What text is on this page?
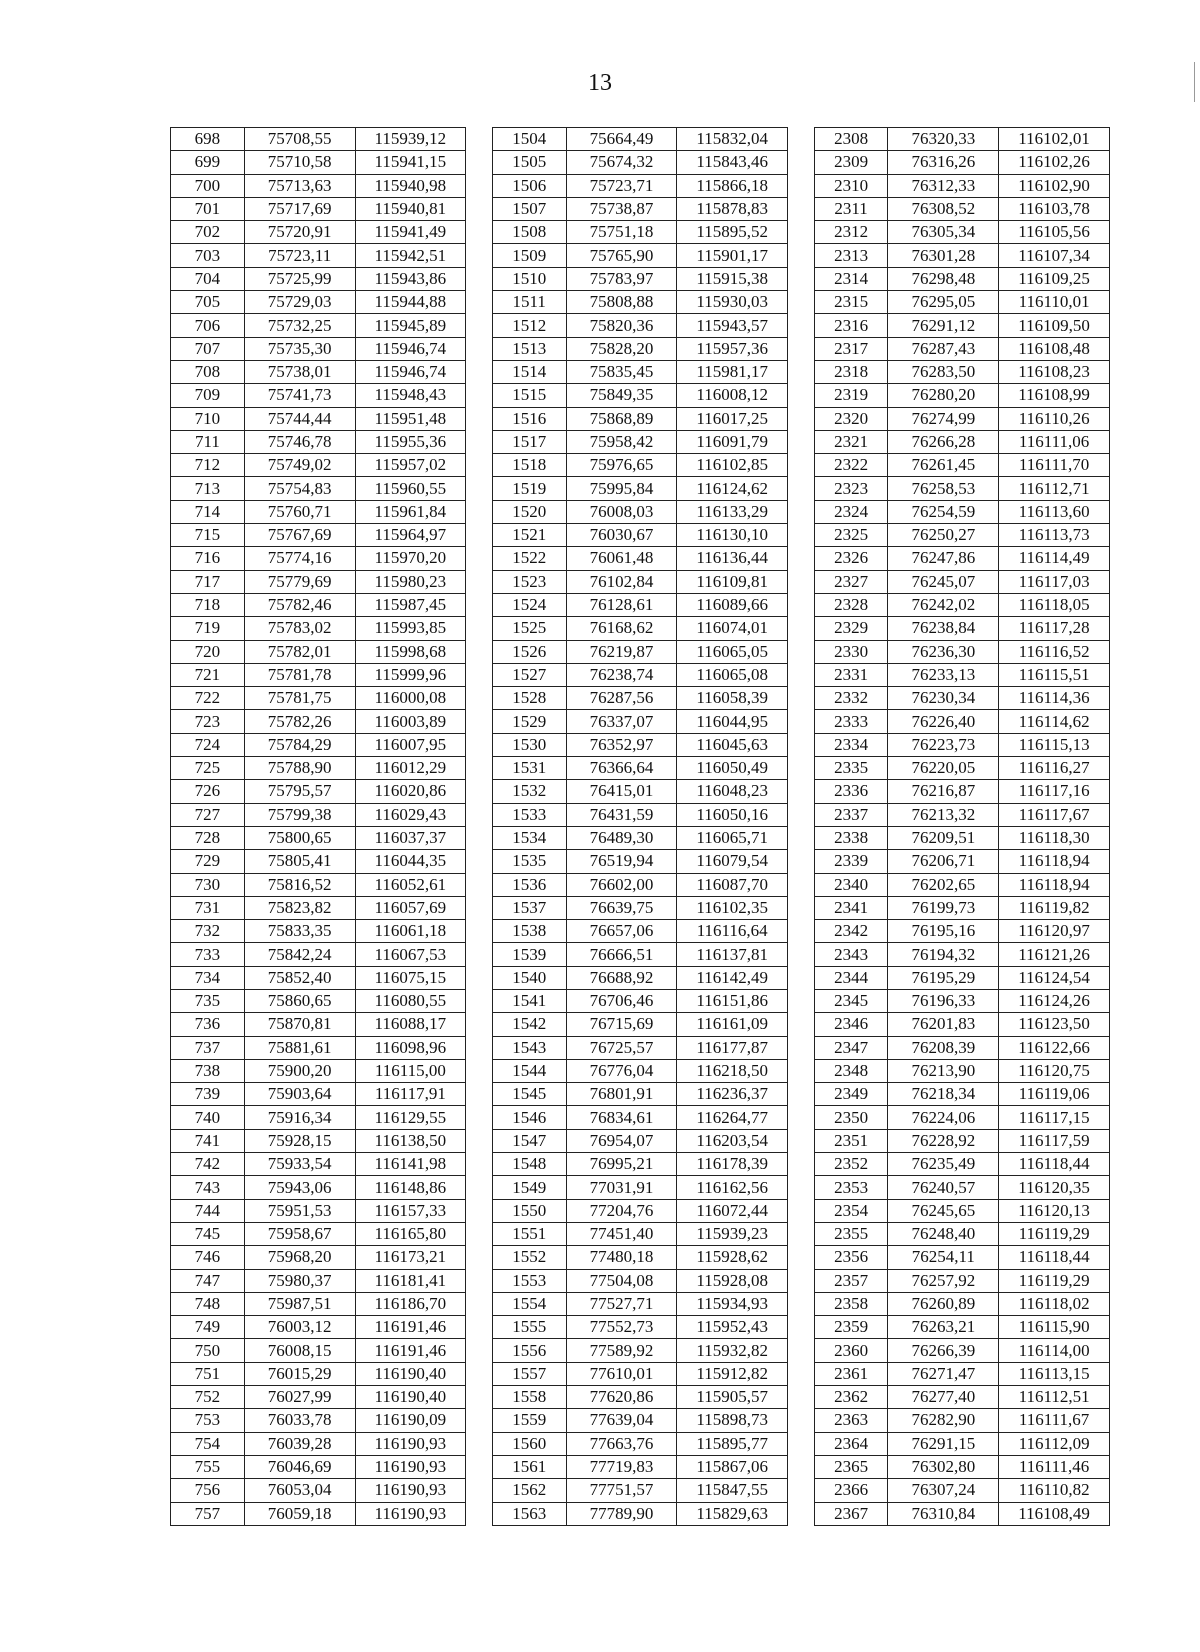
13
698	75708,55	115939,12		1504	75664,49	115832,04		2308	76320,33	116102,01
699	75710,58	115941,15		1505	75674,32	115843,46		2309	76316,26	116102,26
700	75713,63	115940,98		1506	75723,71	115866,18		2310	76312,33	116102,90
701	75717,69	115940,81		1507	75738,87	115878,83		2311	76308,52	116103,78
702	75720,91	115941,49		1508	75751,18	115895,52		2312	76305,34	116105,56
703	75723,11	115942,51		1509	75765,90	115901,17		2313	76301,28	116107,34
704	75725,99	115943,86		1510	75783,97	115915,38		2314	76298,48	116109,25
705	75729,03	115944,88		1511	75808,88	115930,03		2315	76295,05	116110,01
706	75732,25	115945,89		1512	75820,36	115943,57		2316	76291,12	116109,50
707	75735,30	115946,74		1513	75828,20	115957,36		2317	76287,43	116108,48
708	75738,01	115946,74		1514	75835,45	115981,17		2318	76283,50	116108,23
709	75741,73	115948,43		1515	75849,35	116008,12		2319	76280,20	116108,99
710	75744,44	115951,48		1516	75868,89	116017,25		2320	76274,99	116110,26
711	75746,78	115955,36		1517	75958,42	116091,79		2321	76266,28	116111,06
712	75749,02	115957,02		1518	75976,65	116102,85		2322	76261,45	116111,70
713	75754,83	115960,55		1519	75995,84	116124,62		2323	76258,53	116112,71
714	75760,71	115961,84		1520	76008,03	116133,29		2324	76254,59	116113,60
715	75767,69	115964,97		1521	76030,67	116130,10		2325	76250,27	116113,73
716	75774,16	115970,20		1522	76061,48	116136,44		2326	76247,86	116114,49
717	75779,69	115980,23		1523	76102,84	116109,81		2327	76245,07	116117,03
718	75782,46	115987,45		1524	76128,61	116089,66		2328	76242,02	116118,05
719	75783,02	115993,85		1525	76168,62	116074,01		2329	76238,84	116117,28
720	75782,01	115998,68		1526	76219,87	116065,05		2330	76236,30	116116,52
721	75781,78	115999,96		1527	76238,74	116065,08		2331	76233,13	116115,51
722	75781,75	116000,08		1528	76287,56	116058,39		2332	76230,34	116114,36
723	75782,26	116003,89		1529	76337,07	116044,95		2333	76226,40	116114,62
724	75784,29	116007,95		1530	76352,97	116045,63		2334	76223,73	116115,13
725	75788,90	116012,29		1531	76366,64	116050,49		2335	76220,05	116116,27
726	75795,57	116020,86		1532	76415,01	116048,23		2336	76216,87	116117,16
727	75799,38	116029,43		1533	76431,59	116050,16		2337	76213,32	116117,67
728	75800,65	116037,37		1534	76489,30	116065,71		2338	76209,51	116118,30
729	75805,41	116044,35		1535	76519,94	116079,54		2339	76206,71	116118,94
730	75816,52	116052,61		1536	76602,00	116087,70		2340	76202,65	116118,94
731	75823,82	116057,69		1537	76639,75	116102,35		2341	76199,73	116119,82
732	75833,35	116061,18		1538	76657,06	116116,64		2342	76195,16	116120,97
733	75842,24	116067,53		1539	76666,51	116137,81		2343	76194,32	116121,26
734	75852,40	116075,15		1540	76688,92	116142,49		2344	76195,29	116124,54
735	75860,65	116080,55		1541	76706,46	116151,86		2345	76196,33	116124,26
736	75870,81	116088,17		1542	76715,69	116161,09		2346	76201,83	116123,50
737	75881,61	116098,96		1543	76725,57	116177,87		2347	76208,39	116122,66
738	75900,20	116115,00		1544	76776,04	116218,50		2348	76213,90	116120,75
739	75903,64	116117,91		1545	76801,91	116236,37		2349	76218,34	116119,06
740	75916,34	116129,55		1546	76834,61	116264,77		2350	76224,06	116117,15
741	75928,15	116138,50		1547	76954,07	116203,54		2351	76228,92	116117,59
742	75933,54	116141,98		1548	76995,21	116178,39		2352	76235,49	116118,44
743	75943,06	116148,86		1549	77031,91	116162,56		2353	76240,57	116120,35
744	75951,53	116157,33		1550	77204,76	116072,44		2354	76245,65	116120,13
745	75958,67	116165,80		1551	77451,40	115939,23		2355	76248,40	116119,29
746	75968,20	116173,21		1552	77480,18	115928,62		2356	76254,11	116118,44
747	75980,37	116181,41		1553	77504,08	115928,08		2357	76257,92	116119,29
748	75987,51	116186,70		1554	77527,71	115934,93		2358	76260,89	116118,02
749	76003,12	116191,46		1555	77552,73	115952,43		2359	76263,21	116115,90
750	76008,15	116191,46		1556	77589,92	115932,82		2360	76266,39	116114,00
751	76015,29	116190,40		1557	77610,01	115912,82		2361	76271,47	116113,15
752	76027,99	116190,40		1558	77620,86	115905,57		2362	76277,40	116112,51
753	76033,78	116190,09		1559	77639,04	115898,73		2363	76282,90	116111,67
754	76039,28	116190,93		1560	77663,76	115895,77		2364	76291,15	116112,09
755	76046,69	116190,93		1561	77719,83	115867,06		2365	76302,80	116111,46
756	76053,04	116190,93		1562	77751,57	115847,55		2366	76307,24	116110,82
757	76059,18	116190,93		1563	77789,90	115829,63		2367	76310,84	116108,49
